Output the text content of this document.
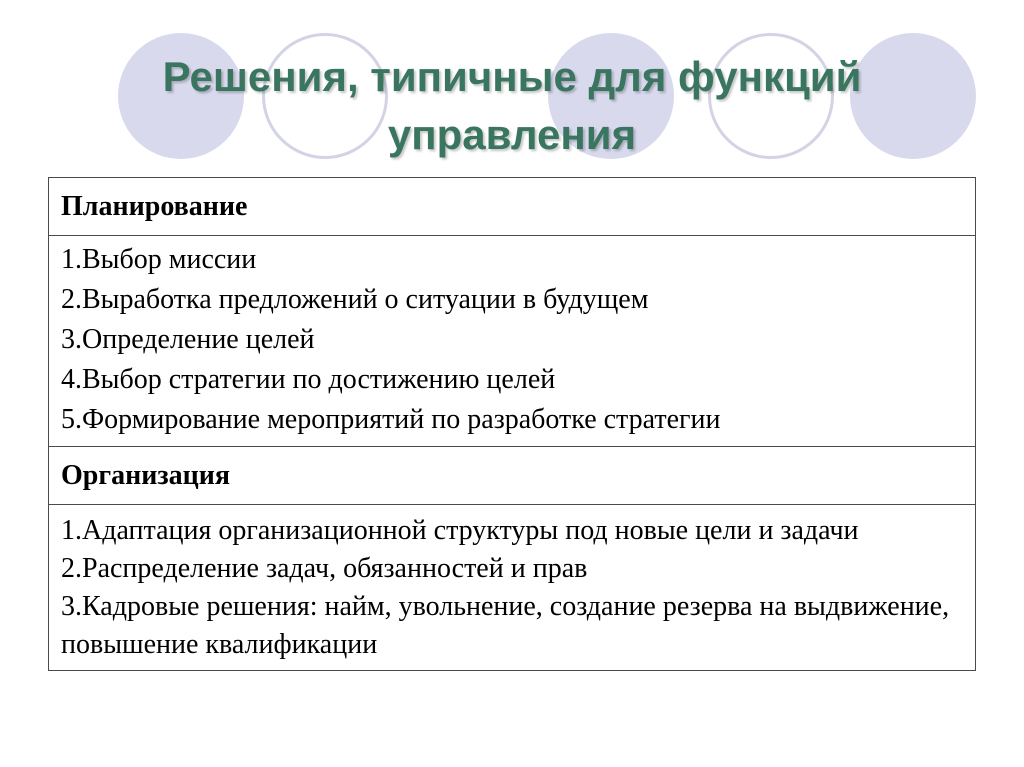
Решения, типичные для функций
управления
Планирование
1.Выбор миссии
2.Выработка предложений о ситуации в будущем
3.Определение целей
4.Выбор стратегии по достижению целей
5.Формирование мероприятий по разработке стратегии
Организация
1.Адаптация организационной структуры под новые цели и задачи
2.Распределение задач, обязанностей и прав
3.Кадровые решения: найм, увольнение, создание резерва на выдвижение, повышение квалификации
